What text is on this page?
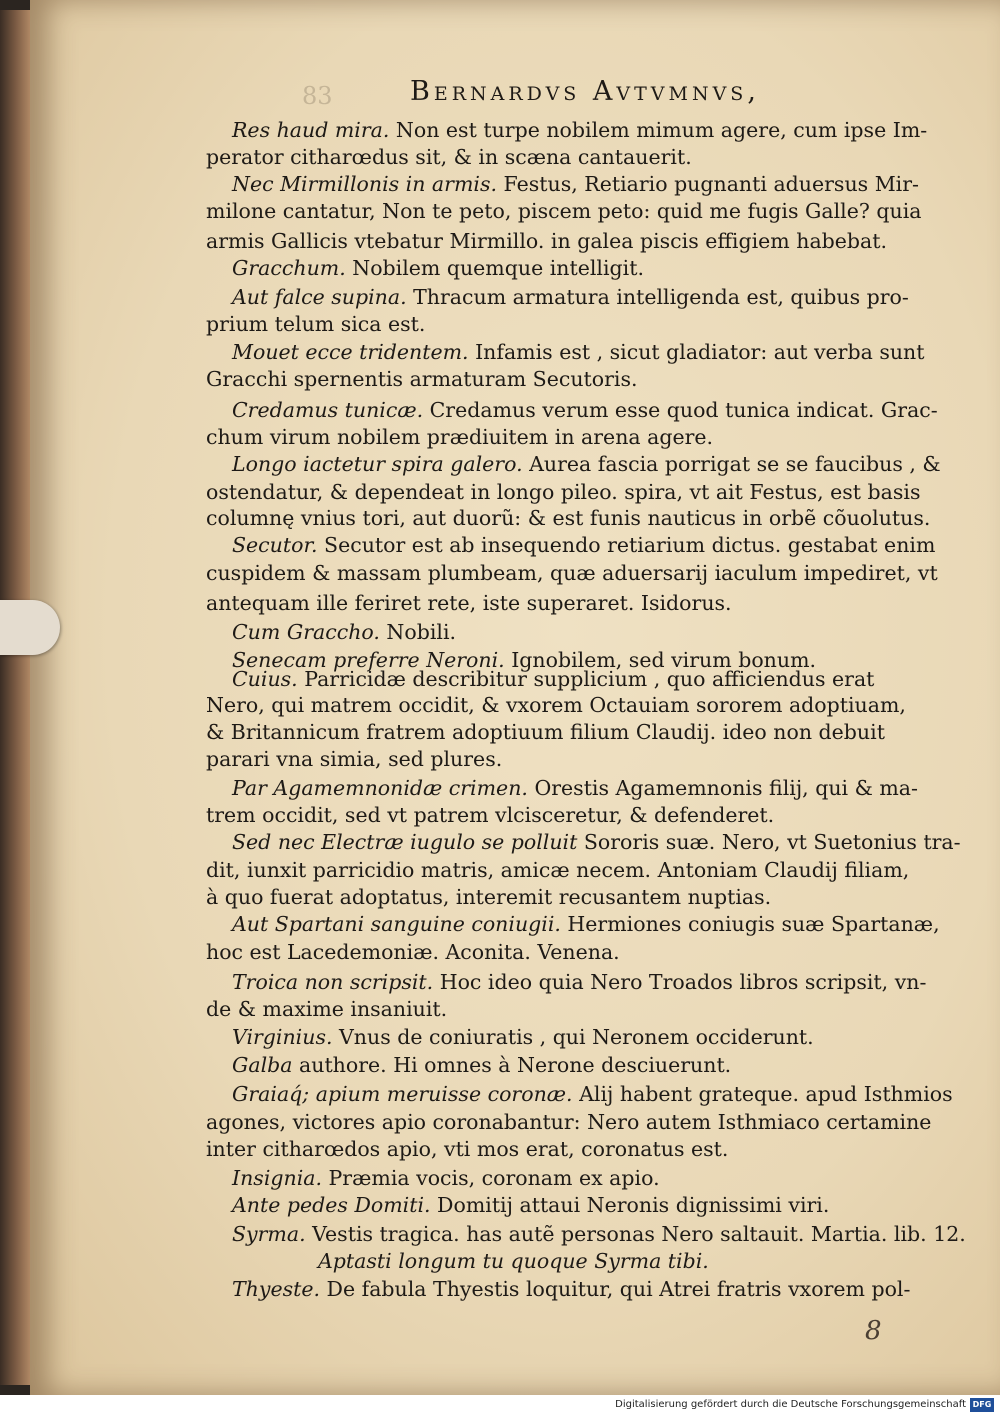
83	Bernardvs Avtvmnvs,
Res haud mira. Non est turpe nobilem mimum agere, cum ipse Im-
perator citharœdus sit, & in scæna cantauerit.
Nec Mirmillonis in armis. Festus, Retiario pugnanti aduersus Mir-
milone cantatur, Non te peto, piscem peto: quid me fugis Galle? quia
armis Gallicis vtebatur Mirmillo. in galea piscis effigiem habebat.
Gracchum. Nobilem quemque intelligit.
Aut falce supina. Thracum armatura intelligenda est, quibus pro-
prium telum sica est.
Mouet ecce tridentem. Infamis est , sicut gladiator: aut verba sunt
Gracchi spernentis armaturam Secutoris.
Credamus tunicæ. Credamus verum esse quod tunica indicat. Grac-
chum virum nobilem prædiuitem in arena agere.
Longo iactetur spira galero. Aurea fascia porrigat se se faucibus , &
ostendatur, & dependeat in longo pileo. spira, vt ait Festus, est basis
columnę vnius tori, aut duorũ: & est funis nauticus in orbẽ cõuolutus.
Secutor. Secutor est ab insequendo retiarium dictus. gestabat enim
cuspidem & massam plumbeam, quæ aduersarij iaculum impediret, vt
antequam ille feriret rete, iste superaret. Isidorus.
Cum Graccho. Nobili.
Senecam preferre Neroni. Ignobilem, sed virum bonum.
Cuius. Parricidæ describitur supplicium , quo afficiendus erat
Nero, qui matrem occidit, & vxorem Octauiam sororem adoptiuam,
& Britannicum fratrem adoptiuum filium Claudij. ideo non debuit
parari vna simia, sed plures.
Par Agamemnonidæ crimen. Orestis Agamemnonis filij, qui & ma-
trem occidit, sed vt patrem vlcisceretur, & defenderet.
Sed nec Electræ iugulo se polluit Sororis suæ. Nero, vt Suetonius tra-
dit, iunxit parricidio matris, amicæ necem. Antoniam Claudij filiam,
à quo fuerat adoptatus, interemit recusantem nuptias.
Aut Spartani sanguine coniugii. Hermiones coniugis suæ Spartanæ,
hoc est Lacedemoniæ. Aconita. Venena.
Troica non scripsit. Hoc ideo quia Nero Troados libros scripsit, vn-
de & maxime insaniuit.
Virginius. Vnus de coniuratis , qui Neronem occiderunt.
Galba authore. Hi omnes à Nerone desciuerunt.
Graiaq́; apium meruisse coronæ. Alij habent grateque. apud Isthmios
agones, victores apio coronabantur: Nero autem Isthmiaco certamine
inter citharœdos apio, vti mos erat, coronatus est.
Insignia. Præmia vocis, coronam ex apio.
Ante pedes Domiti. Domitij attaui Neronis dignissimi viri.
Syrma. Vestis tragica. has autẽ personas Nero saltauit. Martia. lib. 12.
Aptasti longum tu quoque Syrma tibi.
Thyeste. De fabula Thyestis loquitur, qui Atrei fratris vxorem pol-
8
Digitalisierung gefördert durch die Deutsche Forschungsgemeinschaft DFG
